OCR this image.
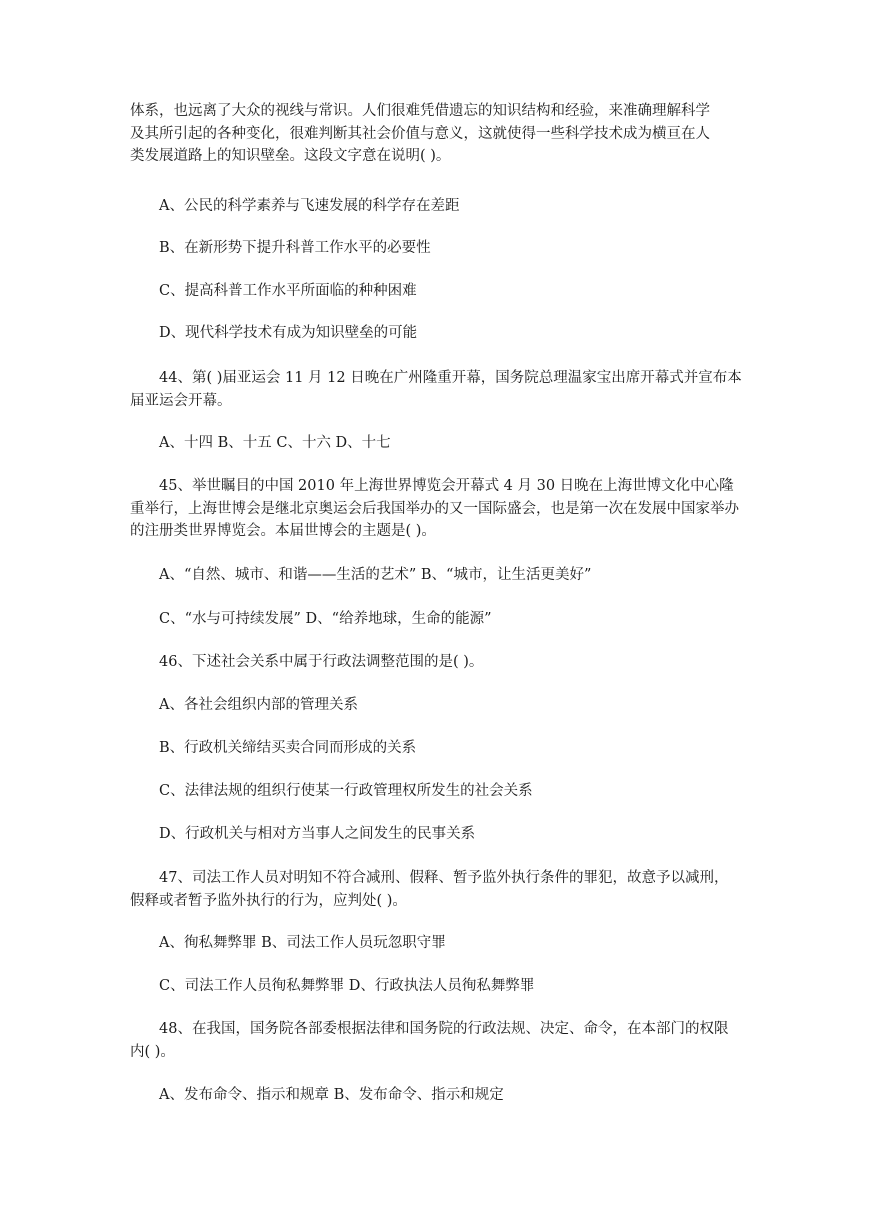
体系，也远离了大众的视线与常识。人们很难凭借遗忘的知识结构和经验，来准确理解科学
及其所引起的各种变化，很难判断其社会价值与意义，这就使得一些科学技术成为横亘在人
类发展道路上的知识壁垒。这段文字意在说明( )。

A、公民的科学素养与飞速发展的科学存在差距

B、在新形势下提升科普工作水平的必要性

C、提高科普工作水平所面临的种种困难

D、现代科学技术有成为知识壁垒的可能

44、第( )届亚运会 11 月 12 日晚在广州隆重开幕，国务院总理温家宝出席开幕式并宣布本届亚运会开幕。

A、十四 B、十五 C、十六 D、十七

45、举世瞩目的中国 2010 年上海世界博览会开幕式 4 月 30 日晚在上海世博文化中心隆重举行，上海世博会是继北京奥运会后我国举办的又一国际盛会，也是第一次在发展中国家举办的注册类世界博览会。本届世博会的主题是( )。

A、“自然、城市、和谐——生活的艺术” B、“城市，让生活更美好”

C、“水与可持续发展” D、“给养地球，生命的能源”

46、下述社会关系中属于行政法调整范围的是( )。

A、各社会组织内部的管理关系

B、行政机关缔结买卖合同而形成的关系

C、法律法规的组织行使某一行政管理权所发生的社会关系

D、行政机关与相对方当事人之间发生的民事关系

47、司法工作人员对明知不符合减刑、假释、暂予监外执行条件的罪犯，故意予以减刑，假释或者暂予监外执行的行为，应判处( )。

A、徇私舞弊罪 B、司法工作人员玩忽职守罪

C、司法工作人员徇私舞弊罪 D、行政执法人员徇私舞弊罪

48、在我国，国务院各部委根据法律和国务院的行政法规、决定、命令，在本部门的权限内( )。

A、发布命令、指示和规章 B、发布命令、指示和规定
